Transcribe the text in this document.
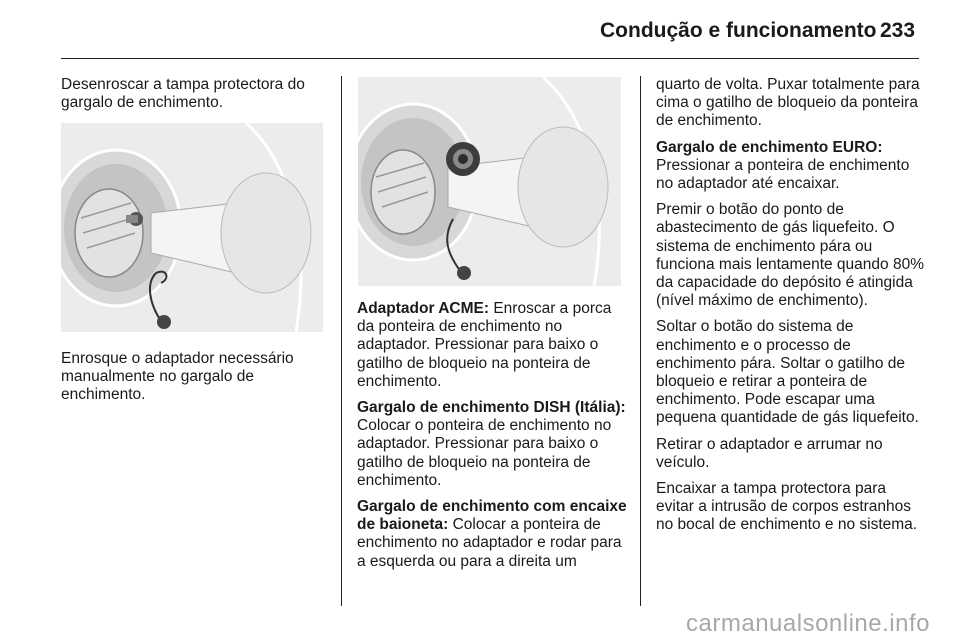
Condução e funcionamento 233

Desenroscar a tampa protectora do gargalo de enchimento.

Enrosque o adaptador necessário manualmente no gargalo de enchimento.

Adaptador ACME: Enroscar a porca da ponteira de enchimento no adaptador. Pressionar para baixo o gatilho de bloqueio na ponteira de enchimento.

Gargalo de enchimento DISH (Itália): Colocar o ponteira de enchimento no adaptador. Pressionar para baixo o gatilho de bloqueio na ponteira de enchimento.

Gargalo de enchimento com encaixe de baioneta: Colocar a ponteira de enchimento no adaptador e rodar para a esquerda ou para a direita um

quarto de volta. Puxar totalmente para cima o gatilho de bloqueio da ponteira de enchimento.

Gargalo de enchimento EURO:
Pressionar a ponteira de enchimento no adaptador até encaixar.

Premir o botão do ponto de abastecimento de gás liquefeito. O sistema de enchimento pára ou funciona mais lentamente quando 80% da capacidade do depósito é atingida (nível máximo de enchimento).

Soltar o botão do sistema de enchimento e o processo de enchimento pára. Soltar o gatilho de bloqueio e retirar a ponteira de enchimento. Pode escapar uma pequena quantidade de gás liquefeito.

Retirar o adaptador e arrumar no veículo.

Encaixar a tampa protectora para evitar a intrusão de corpos estranhos no bocal de enchimento e no sistema.

carmanualsonline.info
